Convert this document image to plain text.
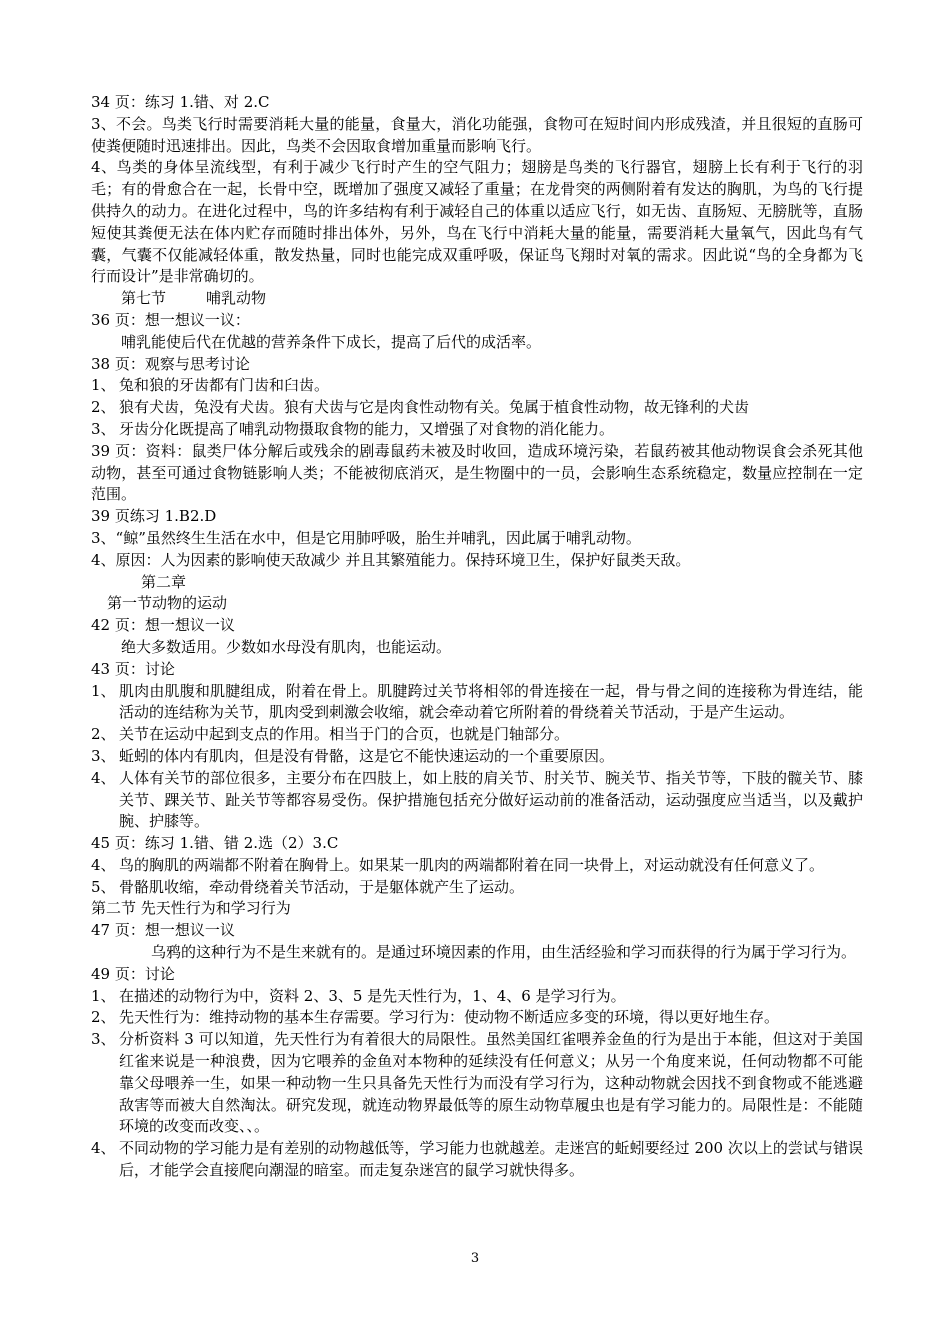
34 页：练习 1.错、对 2.C

3、不会。鸟类飞行时需要消耗大量的能量，食量大，消化功能强，食物可在短时间内形成残渣，并且很短的直肠可使粪便随时迅速排出。因此，鸟类不会因取食增加重量而影响飞行。

4、鸟类的身体呈流线型，有利于减少飞行时产生的空气阻力；翅膀是鸟类的飞行器官，翅膀上长有利于飞行的羽毛；有的骨愈合在一起，长骨中空，既增加了强度又减轻了重量；在龙骨突的两侧附着有发达的胸肌，为鸟的飞行提供持久的动力。在进化过程中，鸟的许多结构有利于减轻自己的体重以适应飞行，如无齿、直肠短、无膀胱等，直肠短使其粪便无法在体内贮存而随时排出体外，另外，鸟在飞行中消耗大量的能量，需要消耗大量氧气，因此鸟有气囊，气囊不仅能减轻体重，散发热量，同时也能完成双重呼吸，保证鸟飞翔时对氧的需求。因此说“鸟的全身都为飞行而设计”是非常确切的。

第七节	哺乳动物

36 页：想一想议一议：

哺乳能使后代在优越的营养条件下成长，提高了后代的成活率。

38 页：观察与思考讨论

1、 兔和狼的牙齿都有门齿和臼齿。
2、 狼有犬齿，兔没有犬齿。狼有犬齿与它是肉食性动物有关。兔属于植食性动物，故无锋利的犬齿
3、 牙齿分化既提高了哺乳动物摄取食物的能力，又增强了对食物的消化能力。

39 页：资料：鼠类尸体分解后或残余的剧毒鼠药未被及时收回，造成环境污染，若鼠药被其他动物误食会杀死其他动物，甚至可通过食物链影响人类；不能被彻底消灭，是生物圈中的一员，会影响生态系统稳定，数量应控制在一定范围。

39 页练习 1.B2.D

3、“鲸”虽然终生生活在水中，但是它用肺呼吸，胎生并哺乳，因此属于哺乳动物。

4、原因：人为因素的影响使天敌减少 并且其繁殖能力。保持环境卫生，保护好鼠类天敌。

第二章

第一节动物的运动

42 页：想一想议一议

绝大多数适用。少数如水母没有肌肉，也能运动。

43 页：讨论

1、 肌肉由肌腹和肌腱组成，附着在骨上。肌腱跨过关节将相邻的骨连接在一起，骨与骨之间的连接称为骨连结，能活动的连结称为关节，肌肉受到刺激会收缩，就会牵动着它所附着的骨绕着关节活动，于是产生运动。
2、 关节在运动中起到支点的作用。相当于门的合页，也就是门轴部分。
3、 蚯蚓的体内有肌肉，但是没有骨骼，这是它不能快速运动的一个重要原因。
4、 人体有关节的部位很多，主要分布在四肢上，如上肢的肩关节、肘关节、腕关节、指关节等，下肢的髋关节、膝关节、踝关节、趾关节等都容易受伤。保护措施包括充分做好运动前的准备活动，运动强度应当适当，以及戴护腕、护膝等。

45 页：练习 1.错、错 2.选（2）3.C

4、 鸟的胸肌的两端都不附着在胸骨上。如果某一肌肉的两端都附着在同一块骨上，对运动就没有任何意义了。
5、 骨骼肌收缩，牵动骨绕着关节活动，于是躯体就产生了运动。

第二节 先天性行为和学习行为

47 页：想一想议一议

乌鸦的这种行为不是生来就有的。是通过环境因素的作用，由生活经验和学习而获得的行为属于学习行为。

49 页：讨论

1、 在描述的动物行为中，资料 2、3、5 是先天性行为，1、4、6 是学习行为。
2、 先天性行为：维持动物的基本生存需要。学习行为：使动物不断适应多变的环境，得以更好地生存。
3、 分析资料 3 可以知道，先天性行为有着很大的局限性。虽然美国红雀喂养金鱼的行为是出于本能，但这对于美国红雀来说是一种浪费，因为它喂养的金鱼对本物种的延续没有任何意义；从另一个角度来说，任何动物都不可能靠父母喂养一生，如果一种动物一生只具备先天性行为而没有学习行为，这种动物就会因找不到食物或不能逃避敌害等而被大自然淘汰。研究发现，就连动物界最低等的原生动物草履虫也是有学习能力的。局限性是：不能随环境的改变而改变、、。
4、 不同动物的学习能力是有差别的动物越低等，学习能力也就越差。走迷宫的蚯蚓要经过 200 次以上的尝试与错误后，才能学会直接爬向潮湿的暗室。而走复杂迷宫的鼠学习就快得多。
3
